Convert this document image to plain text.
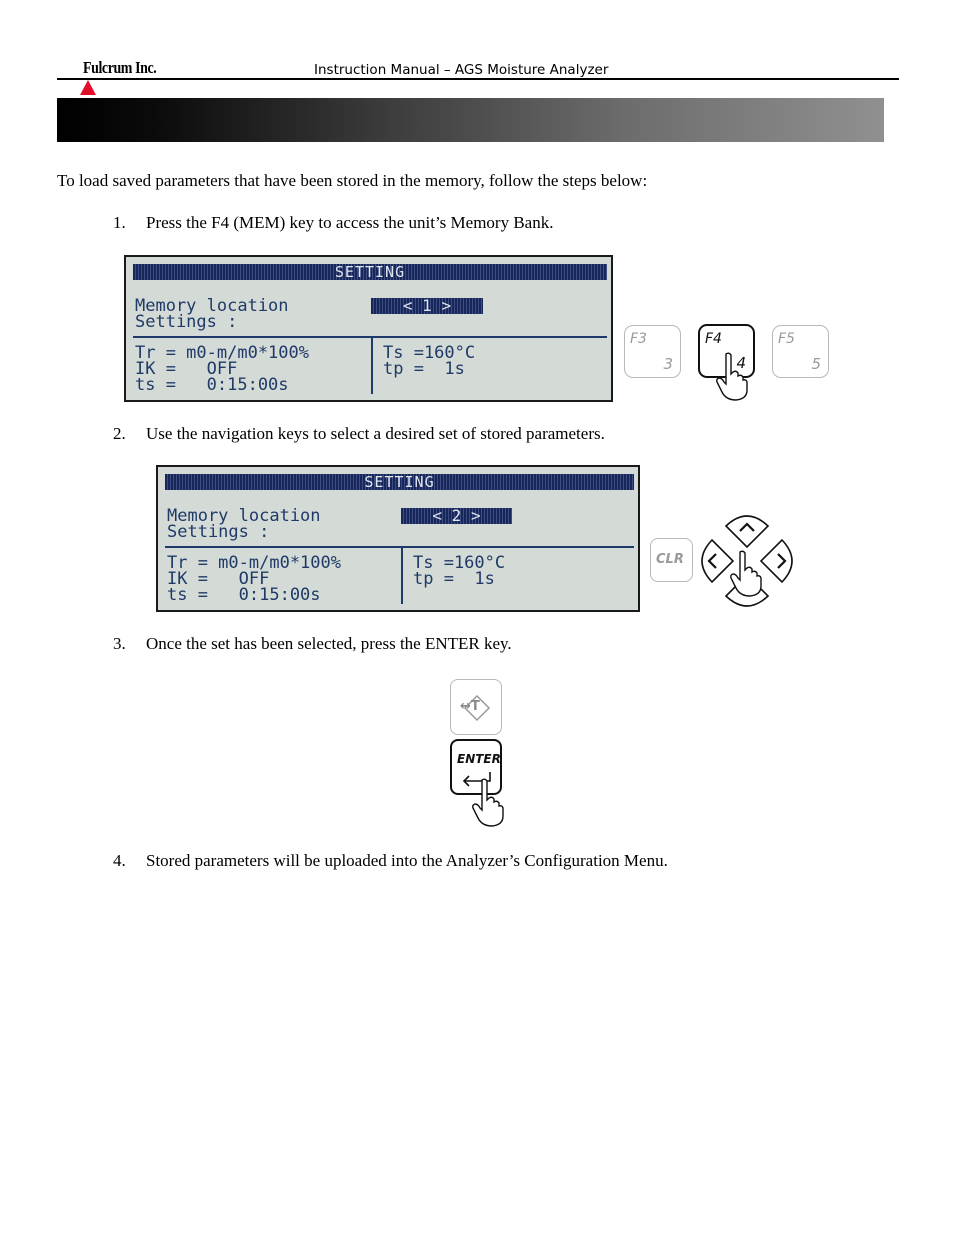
Fulcrum Inc.	Instruction Manual – AGS Moisture Analyzer

To load saved parameters that have been stored in the memory, follow the steps below:

1. Press the F4 (MEM) key to access the unit’s Memory Bank.
SETTING
Memory location
Settings :
< 1 >
Tr = m0-m/m0*100%
IK =   OFF
ts =   0:15:00s
Ts =160°C
tp =  1s
F3
3
F4
4
F5
5
2. Use the navigation keys to select a desired set of stored parameters.
SETTING
Memory location
Settings :
< 2 >
Tr = m0-m/m0*100%
IK =   OFF
ts =   0:15:00s
Ts =160°C
tp =  1s
CLR
3. Once the set has been selected, press the ENTER key.
↔T
ENTER
4. Stored parameters will be uploaded into the Analyzer’s Configuration Menu.
